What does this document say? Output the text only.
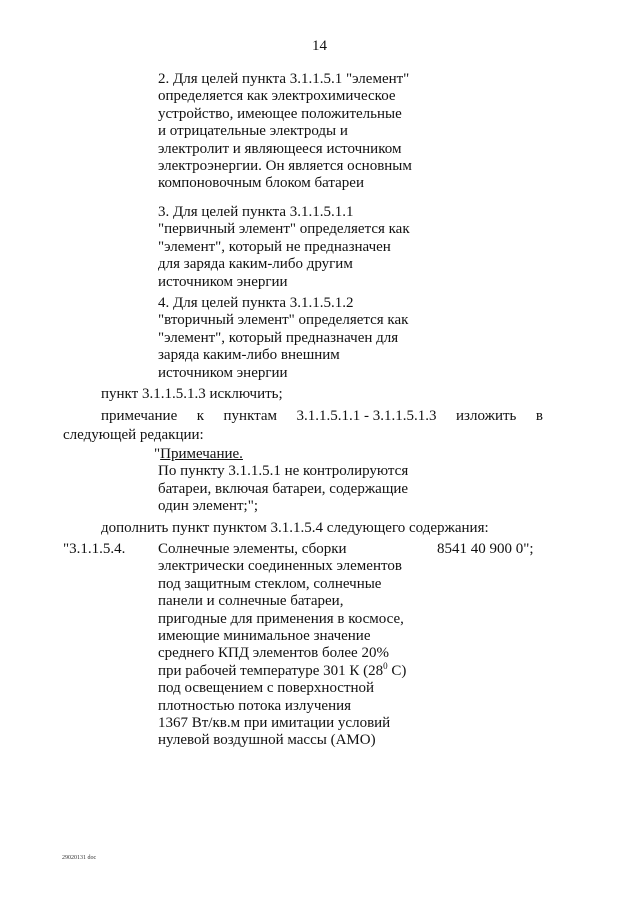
14
2. Для целей пункта 3.1.1.5.1 "элемент"
определяется как электрохимическое
устройство, имеющее положительные
и отрицательные электроды и
электролит и являющееся источником
электроэнергии. Он является основным
компоновочным блоком батареи
3. Для целей пункта 3.1.1.5.1.1
"первичный элемент" определяется как
"элемент", который не предназначен
для заряда каким-либо другим
источником энергии
4. Для целей пункта 3.1.1.5.1.2
"вторичный элемент" определяется как
"элемент", который предназначен для
заряда каким-либо внешним
источником энергии
пункт 3.1.1.5.1.3 исключить;
примечание к пунктам 3.1.1.5.1.1 - 3.1.1.5.1.3 изложить в
следующей редакции:
"Примечание.
По пункту 3.1.1.5.1 не контролируются
батареи, включая батареи, содержащие
один элемент;";
дополнить пункт пунктом 3.1.1.5.4 следующего содержания:
"3.1.1.5.4.	8541 40 900 0";
Солнечные элементы, сборки
электрически соединенных элементов
под защитным стеклом, солнечные
панели и солнечные батареи,
пригодные для применения в космосе,
имеющие минимальное значение
среднего КПД элементов более 20%
при рабочей температуре 301 К ($28^0$ С)
под освещением с поверхностной
плотностью потока излучения
1367 Вт/кв.м при имитации условий
нулевой воздушной массы (АМО)
29020131 doc
